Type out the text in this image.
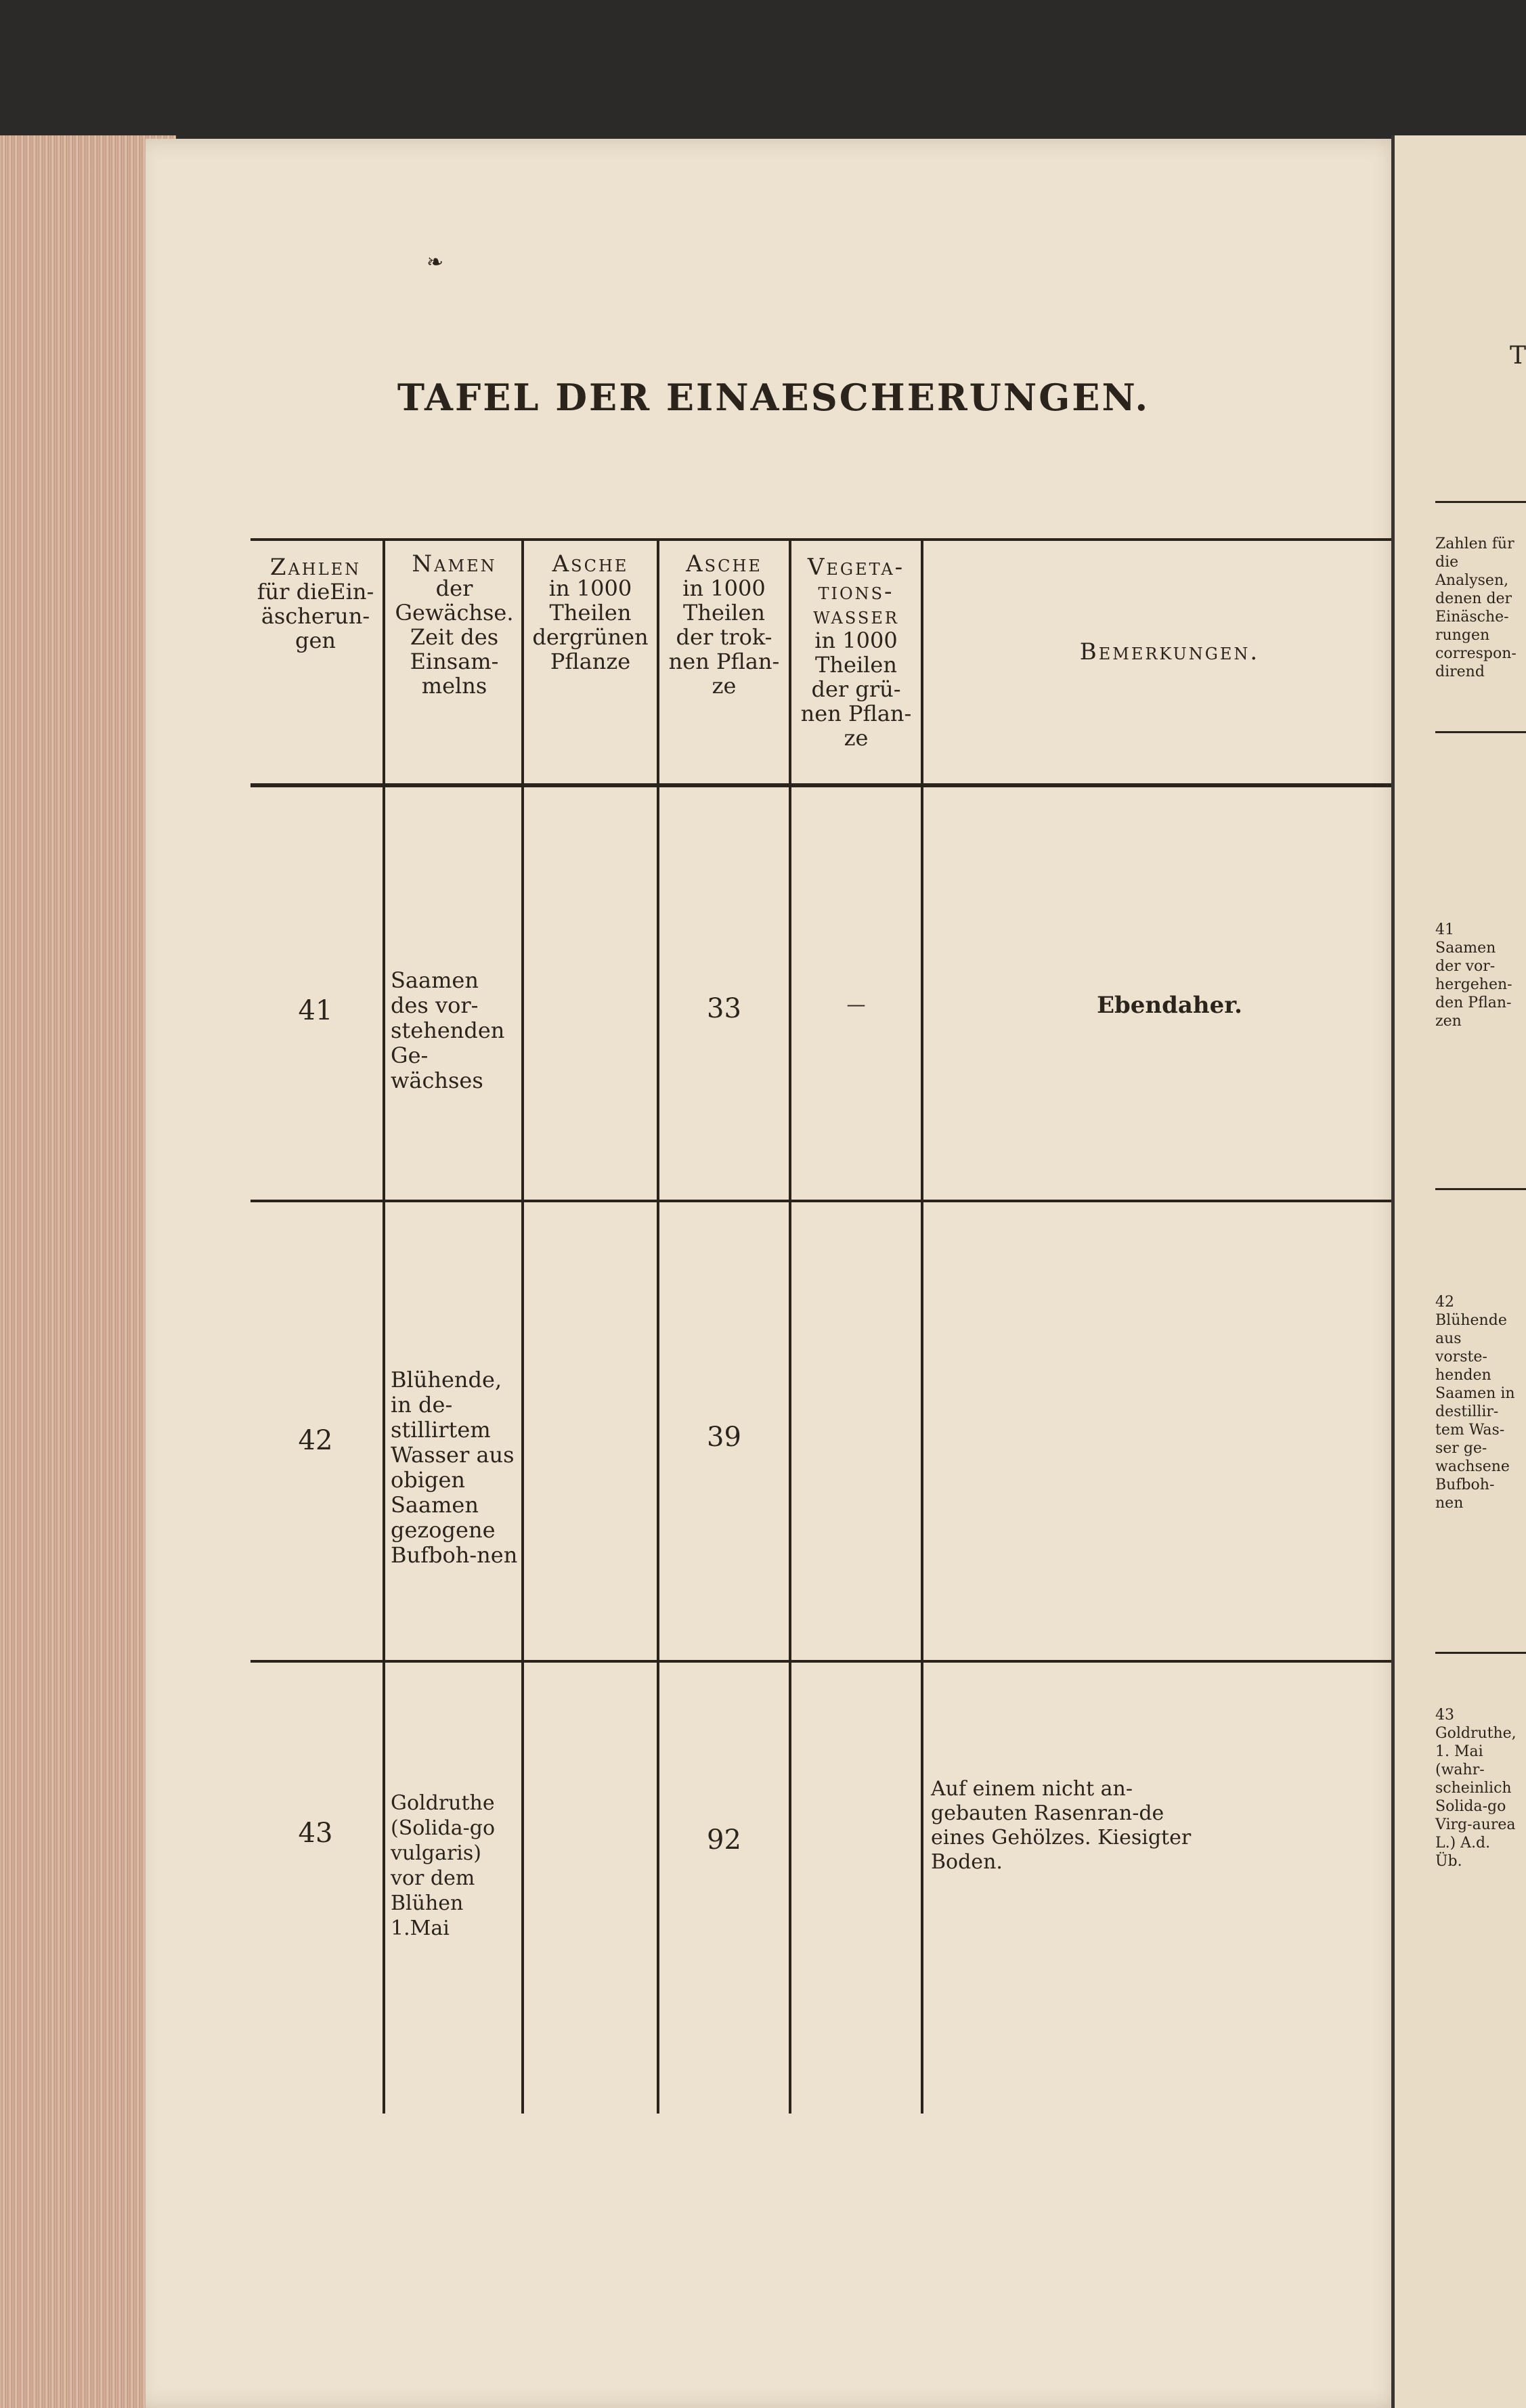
❧
TAFEL DER EINAESCHERUNGEN.
Zahlen
für dieEin-äscherun-gen
Namen
der Gewächse. Zeit des Einsam-melns
Asche
in 1000 Theilen dergrünen Pflanze
Asche
in 1000 Theilen der trok-nen Pflan-ze
Vegeta-tions-wasser
in 1000 Theilen der grü-nen Pflan-ze
Bemerkungen.
41
Saamen des vor-stehenden Ge-wächses
33	—	Ebendaher.
42
Blühende, in de-stillirtem Wasser aus obigen Saamen gezogene Bufboh-nen
39
43
Goldruthe (Solida-go vulgaris) vor dem Blühen 1.Mai
92
Auf einem nicht an-gebauten Rasenran-de eines Gehölzes. Kiesigter Boden.
Zahlen für die Analysen, denen der Einäsche-rungen correspon-dirend
41 Saamen der vor-hergehen-den Pflan-zen
42 Blühende aus vorste-henden Saamen in destillir-tem Was-ser ge-wachsene Bufboh-nen
43 Goldruthe, 1. Mai (wahr-scheinlich Solida-go Virg-aurea L.) A.d. Üb.
T
